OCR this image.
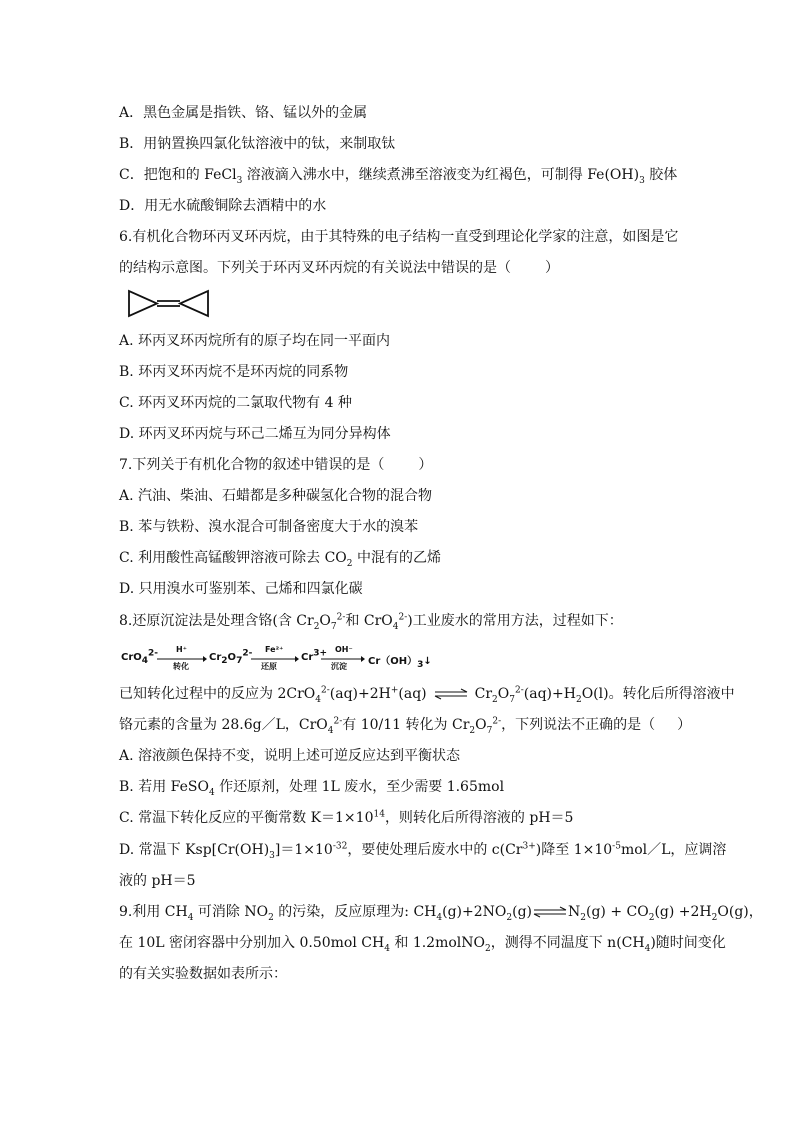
A．黑色金属是指铁、铬、锰以外的金属
B．用钠置换四氯化钛溶液中的钛，来制取钛
C．把饱和的 FeCl$_3$ 溶液滴入沸水中，继续煮沸至溶液变为红褐色，可制得 $Fe(OH)_3$ 胶体
D．用无水硫酸铜除去酒精中的水
6.有机化合物环丙叉环丙烷，由于其特殊的电子结构一直受到理论化学家的注意，如图是它
的结构示意图。下列关于环丙叉环丙烷的有关说法中错误的是（ ）
A. 环丙叉环丙烷所有的原子均在同一平面内
B. 环丙叉环丙烷不是环丙烷的同系物
C. 环丙叉环丙烷的二氯取代物有 4 种
D. 环丙叉环丙烷与环己二烯互为同分异构体
7.下列关于有机化合物的叙述中错误的是（ ）
A. 汽油、柴油、石蜡都是多种碳氢化合物的混合物
B. 苯与铁粉、溴水混合可制备密度大于水的溴苯
C. 利用酸性高锰酸钾溶液可除去 $CO_2$ 中混有的乙烯
D. 只用溴水可鉴别苯、己烯和四氯化碳
8.还原沉淀法是处理含铬(含 $Cr_2O_7^{2-}$和 CrO$_4^{2-}$)工业废水的常用方法，过程如下：
CrO$_4^{2-}$ H⁺
转化
$Cr_2O_7^{2-}$ Fe²⁺
还原
$Cr^{3+}$ OH⁻
沉淀 $Cr(OH)_3↓$
已知转化过程中的反应为 2CrO$_4^{2-}$(aq)+2H+(aq) ⇌ $Cr_2O_7^{2-}(aq)+H_2O(l)$。转化后所得溶液中
铬元素的含量为 28.6g／L，CrO$_4^{2-}$有 10/11 转化为 $Cr_2O_7^{2-}$，下列说法不正确的是（ ）
A. 溶液颜色保持不变，说明上述可逆反应达到平衡状态
B. 若用 FeSO$_4$ 作还原剂，处理 1L 废水，至少需要 1.65mol
C. 常温下转化反应的平衡常数 $K=1\times 10^{14}$，则转化后所得溶液的 pH＝5
D. 常温下 $Ksp[Cr(OH)_3]=1\times 10^{-32}$，要使处理后废水中的 $c(Cr^{3+})$降至 $1\times 10^{-5}mol/L$，应调溶
液的 pH＝5
9.利用 $CH_4$ 可消除 $NO_2$ 的污染，反应原理为: $CH_4(g)+2NO_2(g)$ ⇌ $N_2(g) + CO_2(g) +2H_2O(g)$，
在 10L 密闭容器中分别加入 0.50mol $CH_4$ 和 1.2molNO$_2$，测得不同温度下 $n(CH_4)$随时间变化
的有关实验数据如表所示：
